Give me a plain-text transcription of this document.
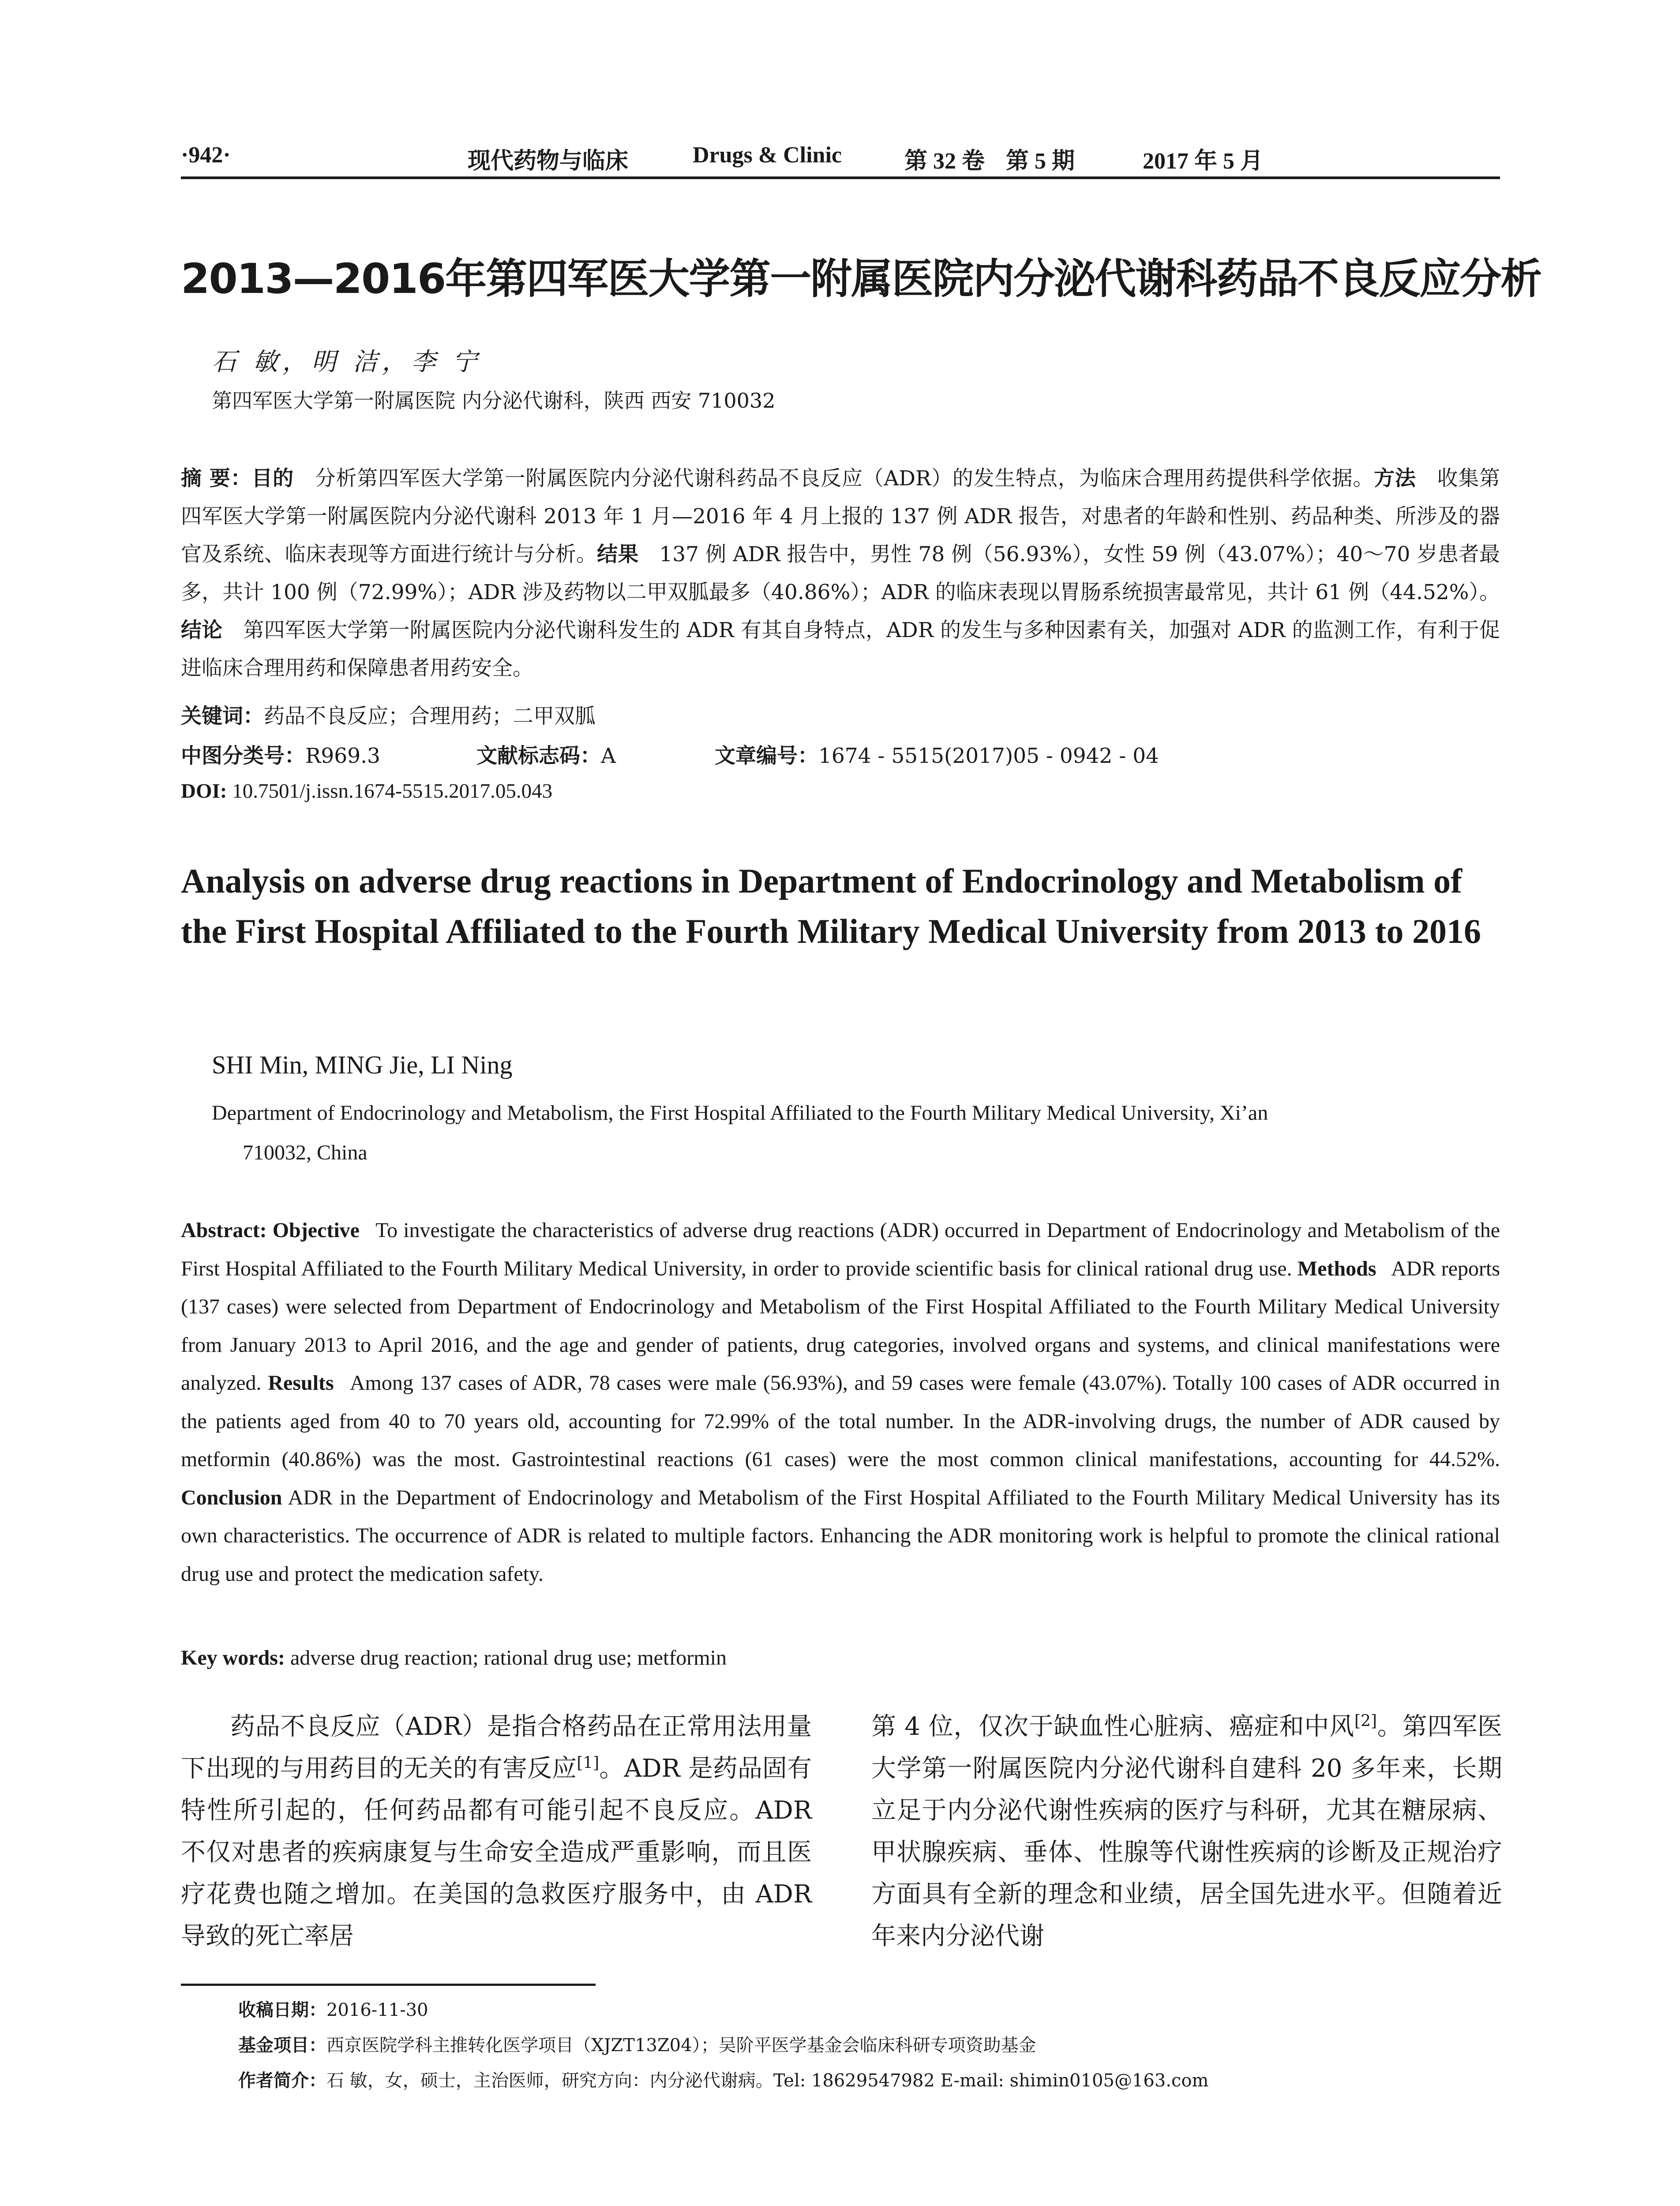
·942·	现代药物与临床	Drugs & Clinic	第 32 卷 第 5 期	2017 年 5 月
2013—2016年第四军医大学第一附属医院内分泌代谢科药品不良反应分析
石 敏，明 洁，李 宁
第四军医大学第一附属医院 内分泌代谢科，陕西 西安 710032
摘 要：目的  分析第四军医大学第一附属医院内分泌代谢科药品不良反应（ADR）的发生特点，为临床合理用药提供科学依据。方法  收集第四军医大学第一附属医院内分泌代谢科 2013 年 1 月—2016 年 4 月上报的 137 例 ADR 报告，对患者的年龄和性别、药品种类、所涉及的器官及系统、临床表现等方面进行统计与分析。结果  137 例 ADR 报告中，男性 78 例（56.93%），女性 59 例（43.07%）；40～70 岁患者最多，共计 100 例（72.99%）；ADR 涉及药物以二甲双胍最多（40.86%）；ADR 的临床表现以胃肠系统损害最常见，共计 61 例（44.52%）。结论  第四军医大学第一附属医院内分泌代谢科发生的 ADR 有其自身特点，ADR 的发生与多种因素有关，加强对 ADR 的监测工作，有利于促进临床合理用药和保障患者用药安全。
关键词：药品不良反应；合理用药；二甲双胍
中图分类号：R969.3	文献标志码：A	文章编号：1674 - 5515(2017)05 - 0942 - 04
DOI: 10.7501/j.issn.1674-5515.2017.05.043
Analysis on adverse drug reactions in Department of Endocrinology and Metabolism of the First Hospital Affiliated to the Fourth Military Medical University from 2013 to 2016
SHI Min, MING Jie, LI Ning
Department of Endocrinology and Metabolism, the First Hospital Affiliated to the Fourth Military Medical University, Xi’an
710032, China
Abstract: Objective  To investigate the characteristics of adverse drug reactions (ADR) occurred in Department of Endocrinology and Metabolism of the First Hospital Affiliated to the Fourth Military Medical University, in order to provide scientific basis for clinical rational drug use. Methods  ADR reports (137 cases) were selected from Department of Endocrinology and Metabolism of the First Hospital Affiliated to the Fourth Military Medical University from January 2013 to April 2016, and the age and gender of patients, drug categories, involved organs and systems, and clinical manifestations were analyzed. Results  Among 137 cases of ADR, 78 cases were male (56.93%), and 59 cases were female (43.07%). Totally 100 cases of ADR occurred in the patients aged from 40 to 70 years old, accounting for 72.99% of the total number. In the ADR-involving drugs, the number of ADR caused by metformin (40.86%) was the most. Gastrointestinal reactions (61 cases) were the most common clinical manifestations, accounting for 44.52%. Conclusion ADR in the Department of Endocrinology and Metabolism of the First Hospital Affiliated to the Fourth Military Medical University has its own characteristics. The occurrence of ADR is related to multiple factors. Enhancing the ADR monitoring work is helpful to promote the clinical rational drug use and protect the medication safety.
Key words: adverse drug reaction; rational drug use; metformin
药品不良反应（ADR）是指合格药品在正常用法用量下出现的与用药目的无关的有害反应[1]。ADR 是药品固有特性所引起的，任何药品都有可能引起不良反应。ADR 不仅对患者的疾病康复与生命安全造成严重影响，而且医疗花费也随之增加。在美国的急救医疗服务中，由 ADR 导致的死亡率居
第 4 位，仅次于缺血性心脏病、癌症和中风[2]。第四军医大学第一附属医院内分泌代谢科自建科 20 多年来，长期立足于内分泌代谢性疾病的医疗与科研，尤其在糖尿病、甲状腺疾病、垂体、性腺等代谢性疾病的诊断及正规治疗方面具有全新的理念和业绩，居全国先进水平。但随着近年来内分泌代谢
收稿日期：2016-11-30
基金项目：西京医院学科主推转化医学项目（XJZT13Z04）；吴阶平医学基金会临床科研专项资助基金
作者简介：石 敏，女，硕士，主治医师，研究方向：内分泌代谢病。Tel: 18629547982 E-mail: shimin0105@163.com
